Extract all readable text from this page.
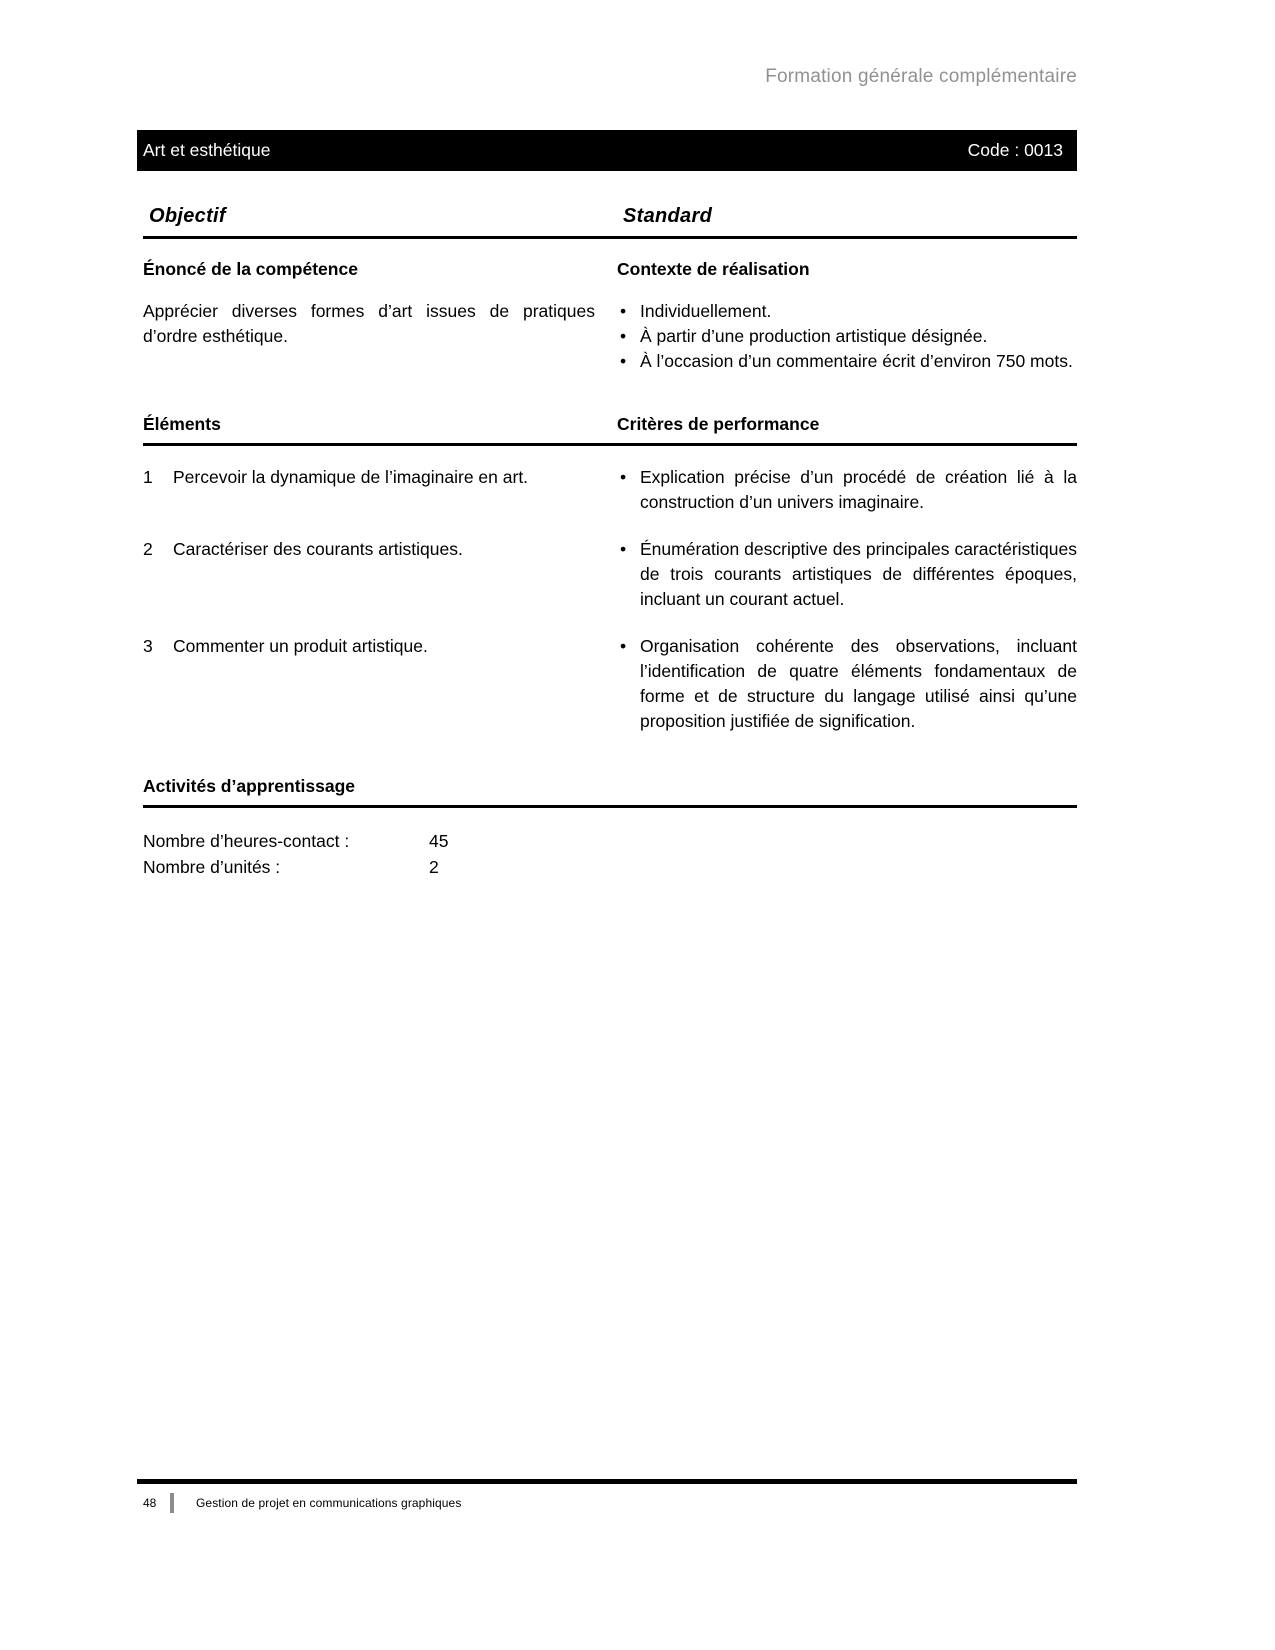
Formation générale complémentaire
Art et esthétique	Code : 0013
Objectif	Standard
Énoncé de la compétence	Contexte de réalisation
Apprécier diverses formes d’art issues de pratiques d’ordre esthétique.
• Individuellement.
• À partir d’une production artistique désignée.
• À l’occasion d’un commentaire écrit d’environ 750 mots.
Éléments	Critères de performance
1	Percevoir la dynamique de l’imaginaire en art.	• Explication précise d’un procédé de création lié à la construction d’un univers imaginaire.
2	Caractériser des courants artistiques.	• Énumération descriptive des principales caractéristiques de trois courants artistiques de différentes époques, incluant un courant actuel.
3	Commenter un produit artistique.	• Organisation cohérente des observations, incluant l’identification de quatre éléments fondamentaux de forme et de structure du langage utilisé ainsi qu’une proposition justifiée de signification.
Activités d’apprentissage
Nombre d’heures-contact :	45
Nombre d’unités :	2
48	Gestion de projet en communications graphiques
